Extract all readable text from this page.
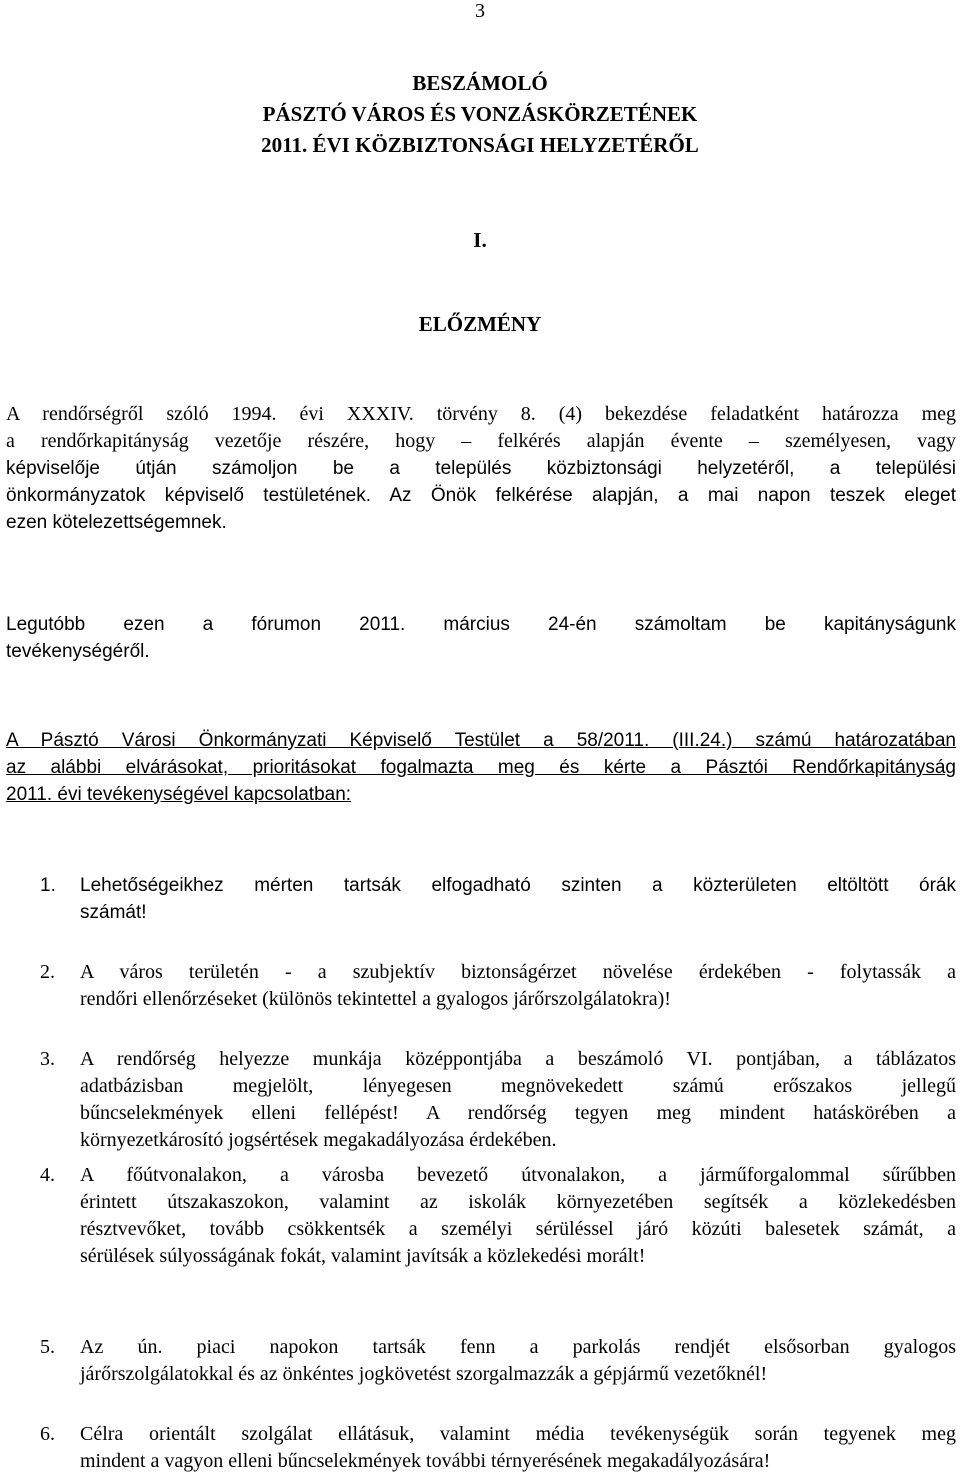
3
BESZÁMOLÓ
PÁSZTÓ VÁROS ÉS VONZÁSKÖRZETÉNEK
2011. ÉVI KÖZBIZTONSÁGI HELYZETÉRŐL
I.
ELŐZMÉNY
A rendőrségről szóló 1994. évi XXXIV. törvény 8. (4) bekezdése feladatként határozza meg
a rendőrkapitányság vezetője részére, hogy – felkérés alapján évente – személyesen, vagy
képviselője útján számoljon be a település közbiztonsági helyzetéről, a települési
önkormányzatok képviselő testületének. Az Önök felkérése alapján, a mai napon teszek eleget
ezen kötelezettségemnek.
Legutóbb ezen a fórumon 2011. március 24-én számoltam be kapitányságunk
tevékenységéről.
A Pásztó Városi Önkormányzati Képviselő Testület a 58/2011. (III.24.) számú határozatában
az alábbi elvárásokat, prioritásokat fogalmazta meg és kérte a Pásztói Rendőrkapitányság
2011. évi tevékenységével kapcsolatban:
1.	Lehetőségeikhez mérten tartsák elfogadható szinten a közterületen eltöltött órák
számát!
2.	A város területén - a szubjektív biztonságérzet növelése érdekében - folytassák a
rendőri ellenőrzéseket (különös tekintettel a gyalogos járőrszolgálatokra)!
3.	A rendőrség helyezze munkája középpontjába a beszámoló VI. pontjában, a táblázatos
adatbázisban megjelölt, lényegesen megnövekedett számú erőszakos jellegű
bűncselekmények elleni fellépést! A rendőrség tegyen meg mindent hatáskörében a
környezetkárosító jogsértések megakadályozása érdekében.
4.	A főútvonalakon, a városba bevezető útvonalakon, a járműforgalommal sűrűbben
érintett útszakaszokon, valamint az iskolák környezetében segítsék a közlekedésben
résztvevőket, tovább csökkentsék a személyi sérüléssel járó közúti balesetek számát, a
sérülések súlyosságának fokát, valamint javítsák a közlekedési morált!
5.	Az ún. piaci napokon tartsák fenn a parkolás rendjét elsősorban gyalogos
járőrszolgálatokkal és az önkéntes jogkövetést szorgalmazzák a gépjármű vezetőknél!
6.	Célra orientált szolgálat ellátásuk, valamint média tevékenységük során tegyenek meg
mindent a vagyon elleni bűncselekmények további térnyerésének megakadályozására!
